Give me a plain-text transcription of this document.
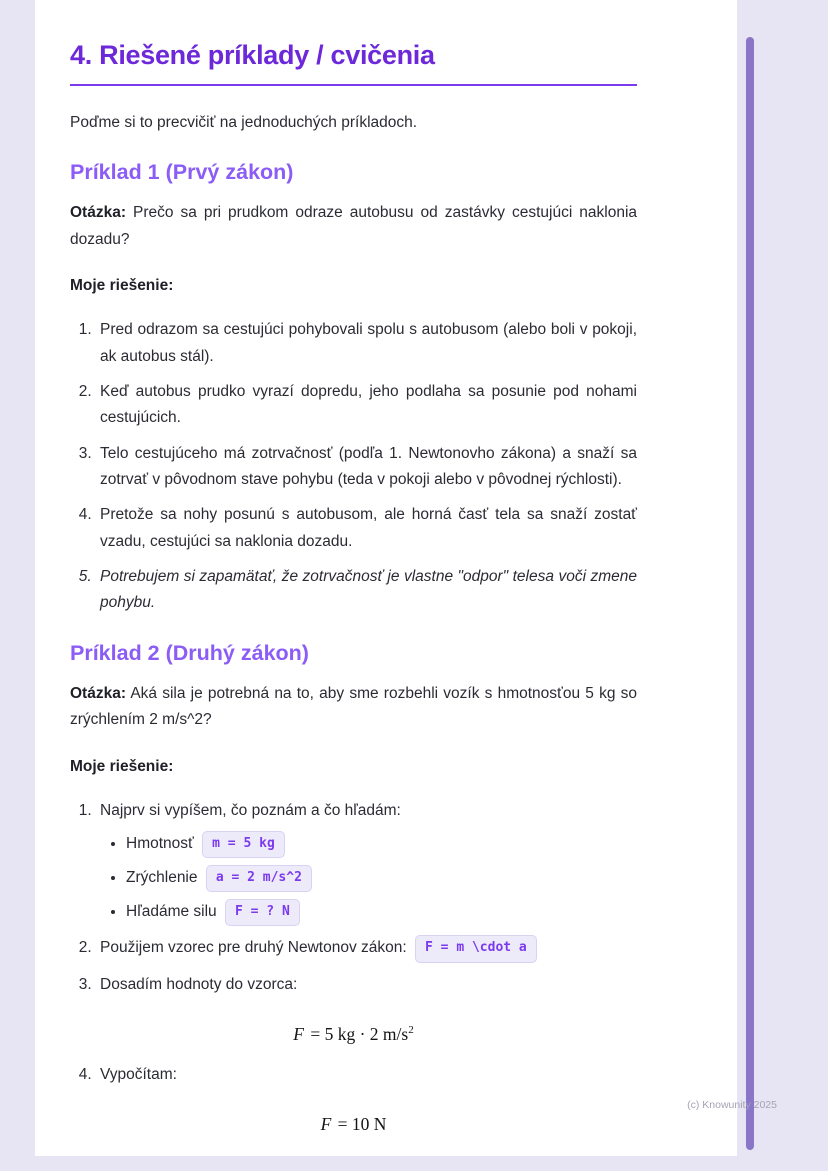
4. Riešené príklady / cvičenia

Poďme si to precvičiť na jednoduchých príkladoch.

Príklad 1 (Prvý zákon)

Otázka: Prečo sa pri prudkom odraze autobusu od zastávky cestujúci naklonia dozadu?

Moje riešenie:

1. Pred odrazom sa cestujúci pohybovali spolu s autobusom (alebo boli v pokoji, ak autobus stál).
2. Keď autobus prudko vyrazí dopredu, jeho podlaha sa posunie pod nohami cestujúcich.
3. Telo cestujúceho má zotrvačnosť (podľa 1. Newtonovho zákona) a snaží sa zotrvať v pôvodnom stave pohybu (teda v pokoji alebo v pôvodnej rýchlosti).
4. Pretože sa nohy posunú s autobusom, ale horná časť tela sa snaží zostať vzadu, cestujúci sa naklonia dozadu.
5. Potrebujem si zapamätať, že zotrvačnosť je vlastne "odpor" telesa voči zmene pohybu.
Príklad 2 (Druhý zákon)

Otázka: Aká sila je potrebná na to, aby sme rozbehli vozík s hmotnosťou 5 kg so zrýchlením 2 m/s^2?

Moje riešenie:

1. Najprv si vypíšem, čo poznám a čo hľadám:
• Hmotnosť m = 5 kg
• Zrýchlenie a = 2 m/s^2
• Hľadáme silu F = ? N
2. Použijem vzorec pre druhý Newtonov zákon: F = m \cdot a
3. Dosadím hodnoty do vzorca:
F = 5 kg · 2 $m/s^2$
4. Vypočítam:
F = 10 N
(c) Knowunity 2025
